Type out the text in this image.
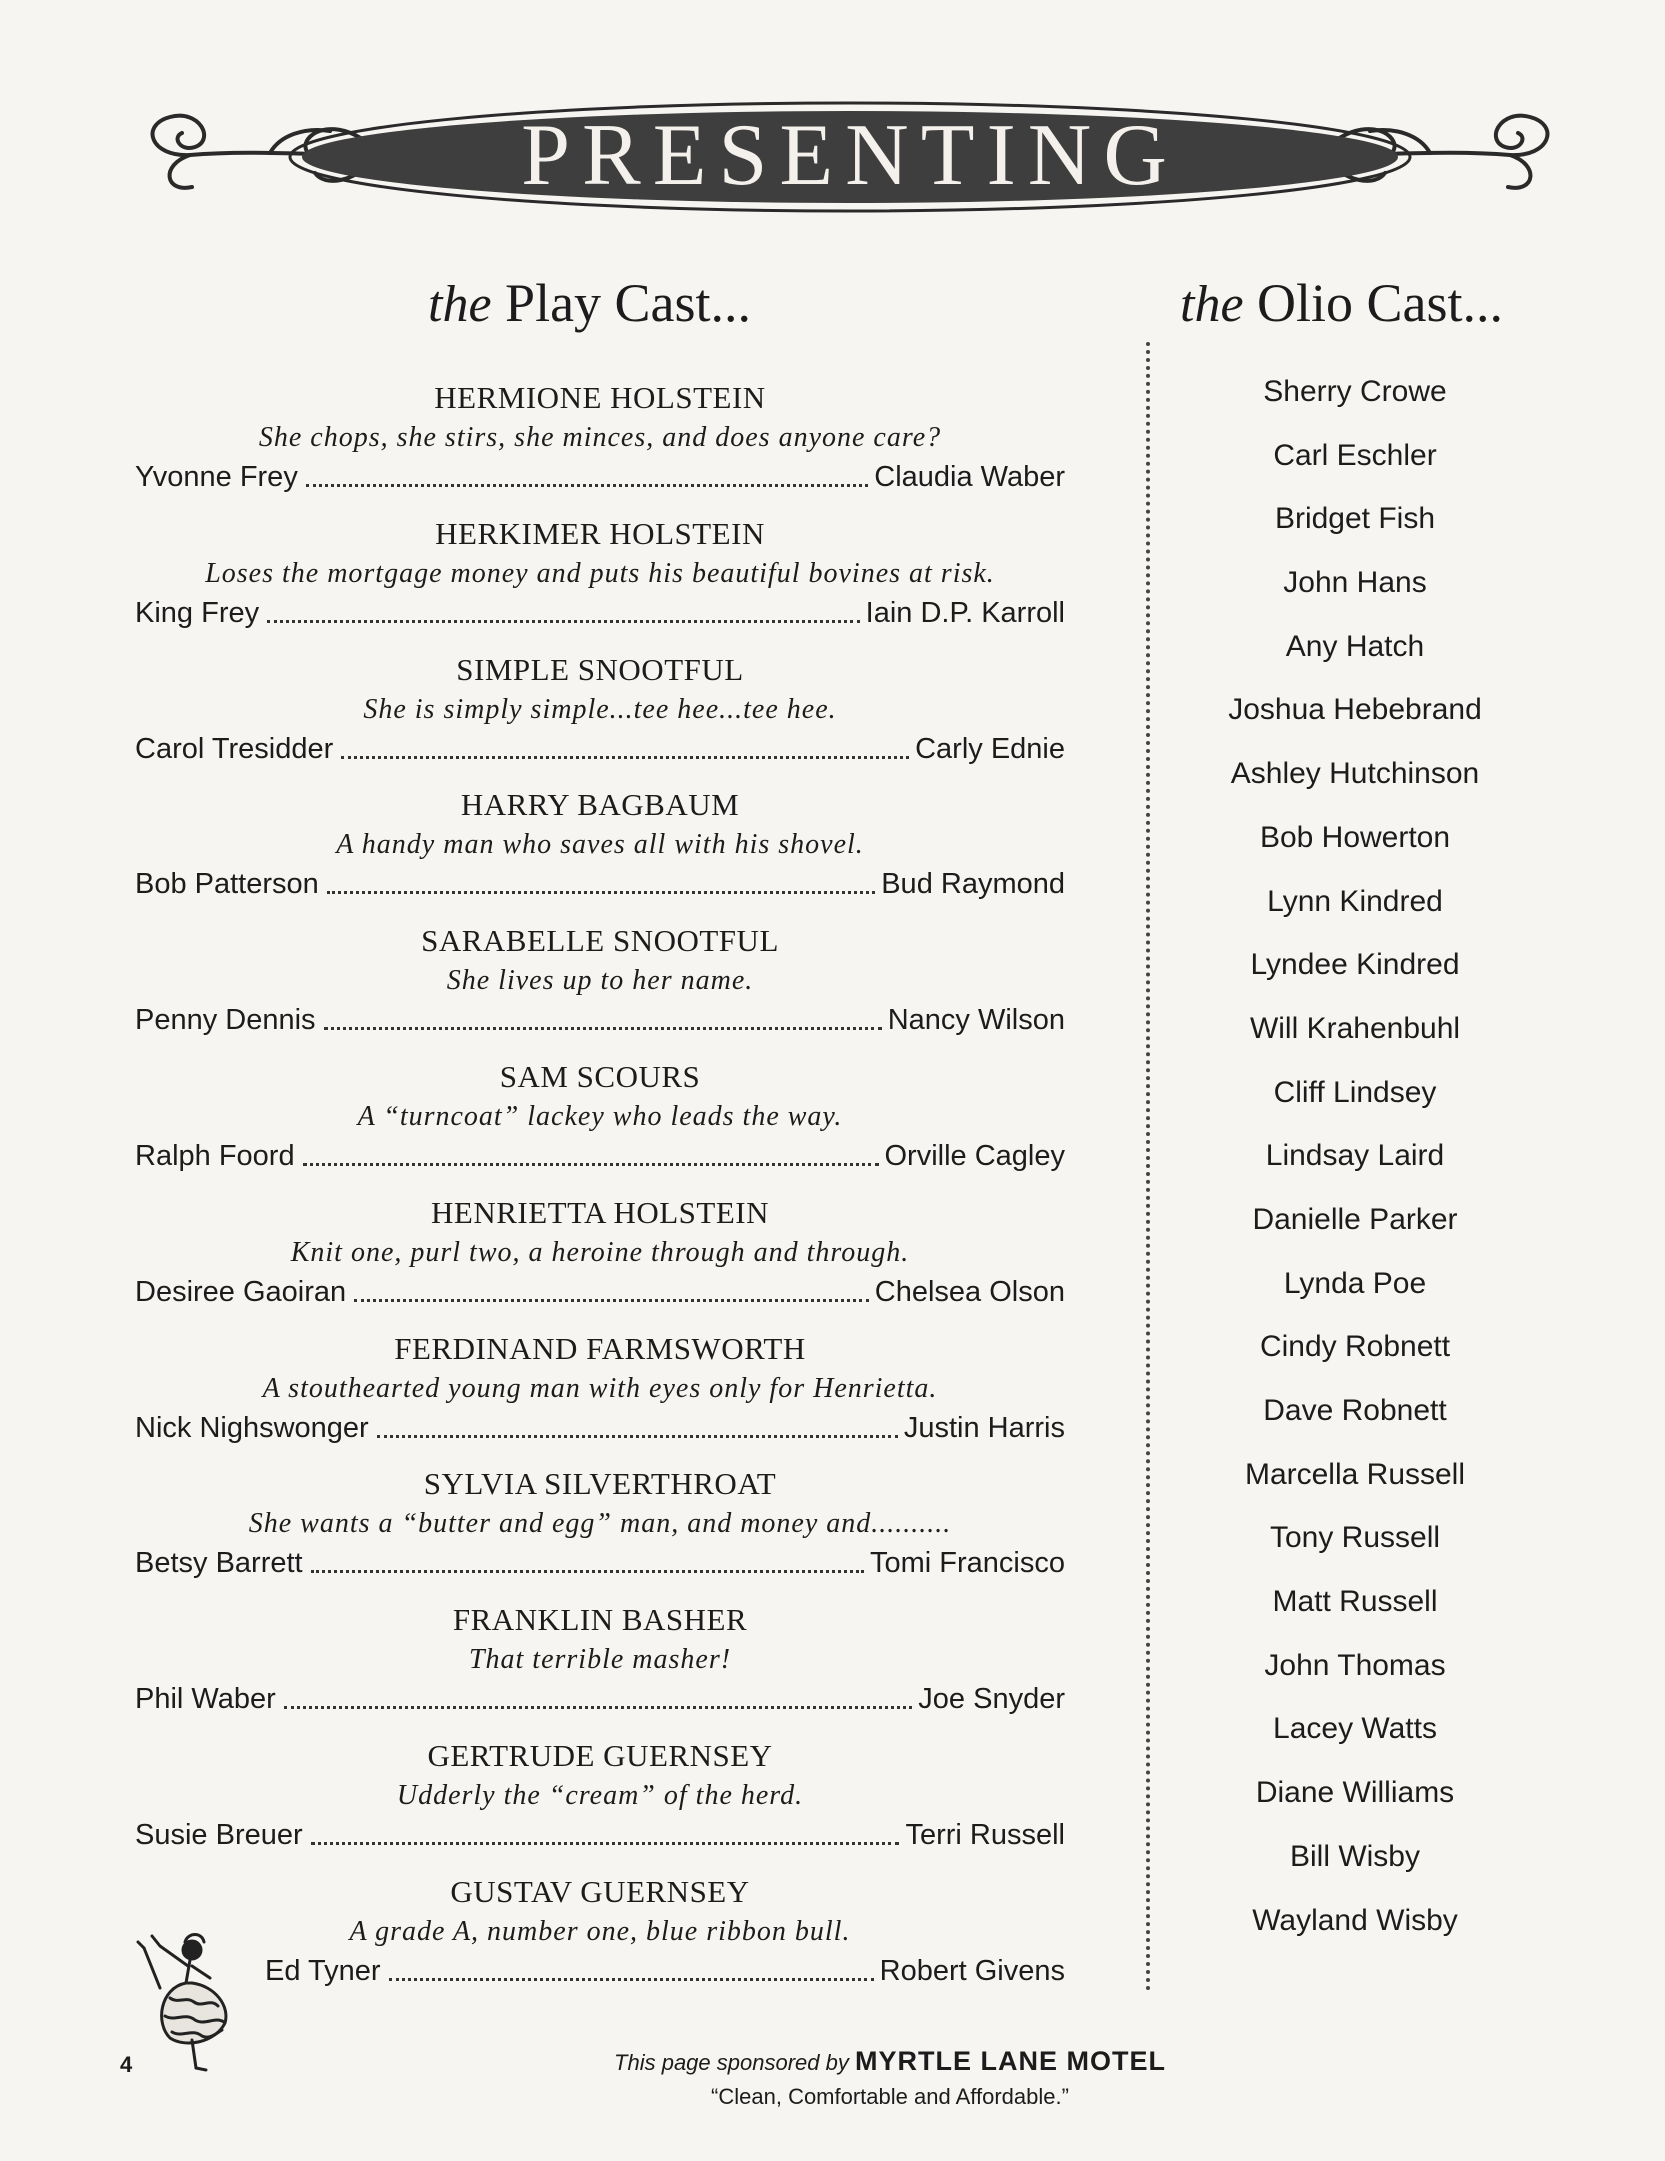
PRESENTING
the Play Cast...	the Olio Cast...
HERMIONE HOLSTEIN
She chops, she stirs, she minces, and does anyone care?
Yvonne Frey	Claudia Waber
HERKIMER HOLSTEIN
Loses the mortgage money and puts his beautiful bovines at risk.
King Frey	Iain D.P. Karroll
SIMPLE SNOOTFUL
She is simply simple...tee hee...tee hee.
Carol Tresidder	Carly Ednie
HARRY BAGBAUM
A handy man who saves all with his shovel.
Bob Patterson	Bud Raymond
SARABELLE SNOOTFUL
She lives up to her name.
Penny Dennis	Nancy Wilson
SAM SCOURS
A “turncoat” lackey who leads the way.
Ralph Foord	Orville Cagley
HENRIETTA HOLSTEIN
Knit one, purl two, a heroine through and through.
Desiree Gaoiran	Chelsea Olson
FERDINAND FARMSWORTH
A stouthearted young man with eyes only for Henrietta.
Nick Nighswonger	Justin Harris
SYLVIA SILVERTHROAT
She wants a “butter and egg” man, and money and..........
Betsy Barrett	Tomi Francisco
FRANKLIN BASHER
That terrible masher!
Phil Waber	Joe Snyder
GERTRUDE GUERNSEY
Udderly the “cream” of the herd.
Susie Breuer	Terri Russell
GUSTAV GUERNSEY
A grade A, number one, blue ribbon bull.
Ed Tyner	Robert Givens
Sherry Crowe
Carl Eschler
Bridget Fish
John Hans
Any Hatch
Joshua Hebebrand
Ashley Hutchinson
Bob Howerton
Lynn Kindred
Lyndee Kindred
Will Krahenbuhl
Cliff Lindsey
Lindsay Laird
Danielle Parker
Lynda Poe
Cindy Robnett
Dave Robnett
Marcella Russell
Tony Russell
Matt Russell
John Thomas
Lacey Watts
Diane Williams
Bill Wisby
Wayland Wisby
4	This page sponsored by MYRTLE LANE MOTEL
“Clean, Comfortable and Affordable.”
